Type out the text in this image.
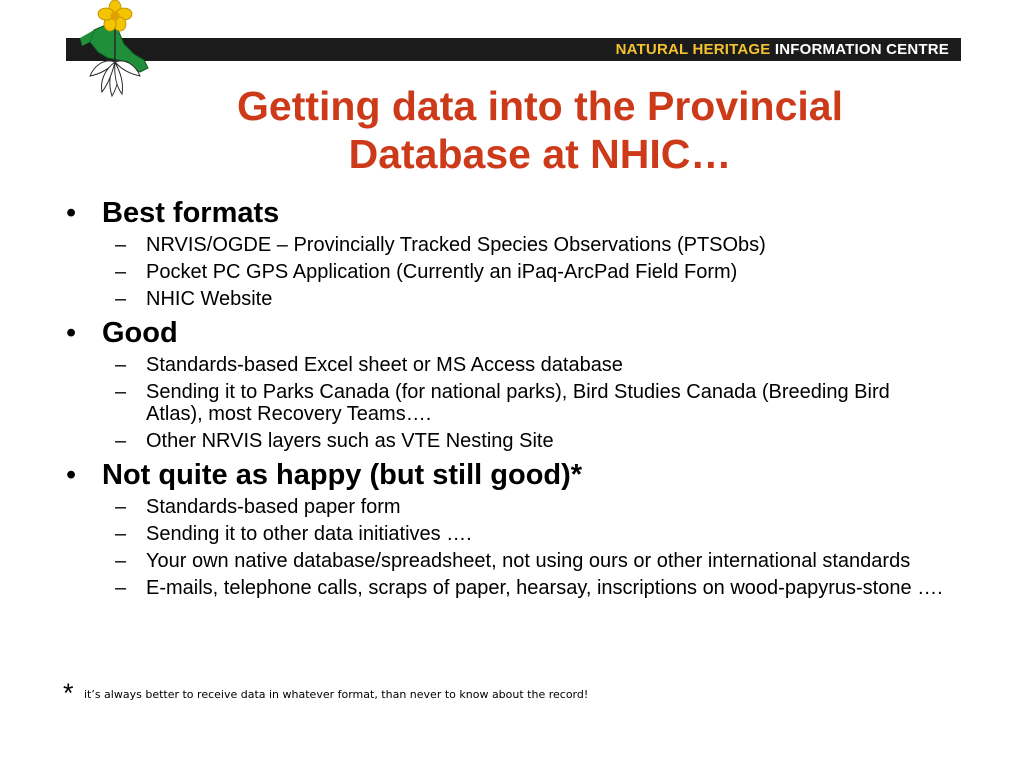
NATURAL HERITAGE INFORMATION CENTRE
Getting data into the Provincial
Database at NHIC…
• Best formats
– NRVIS/OGDE – Provincially Tracked Species Observations (PTSObs)
– Pocket PC GPS Application (Currently an iPaq-ArcPad Field Form)
– NHIC Website
• Good
– Standards-based Excel sheet or MS Access database
– Sending it to Parks Canada (for national parks), Bird Studies Canada (Breeding Bird Atlas), most Recovery Teams….
– Other NRVIS layers such as VTE Nesting Site
• Not quite as happy (but still good)*
– Standards-based paper form
– Sending it to other data initiatives ….
– Your own native database/spreadsheet, not using ours or other international standards
– E-mails, telephone calls, scraps of paper, hearsay, inscriptions on wood-papyrus-stone ….
* it’s always better to receive data in whatever format, than never to know about the record!
